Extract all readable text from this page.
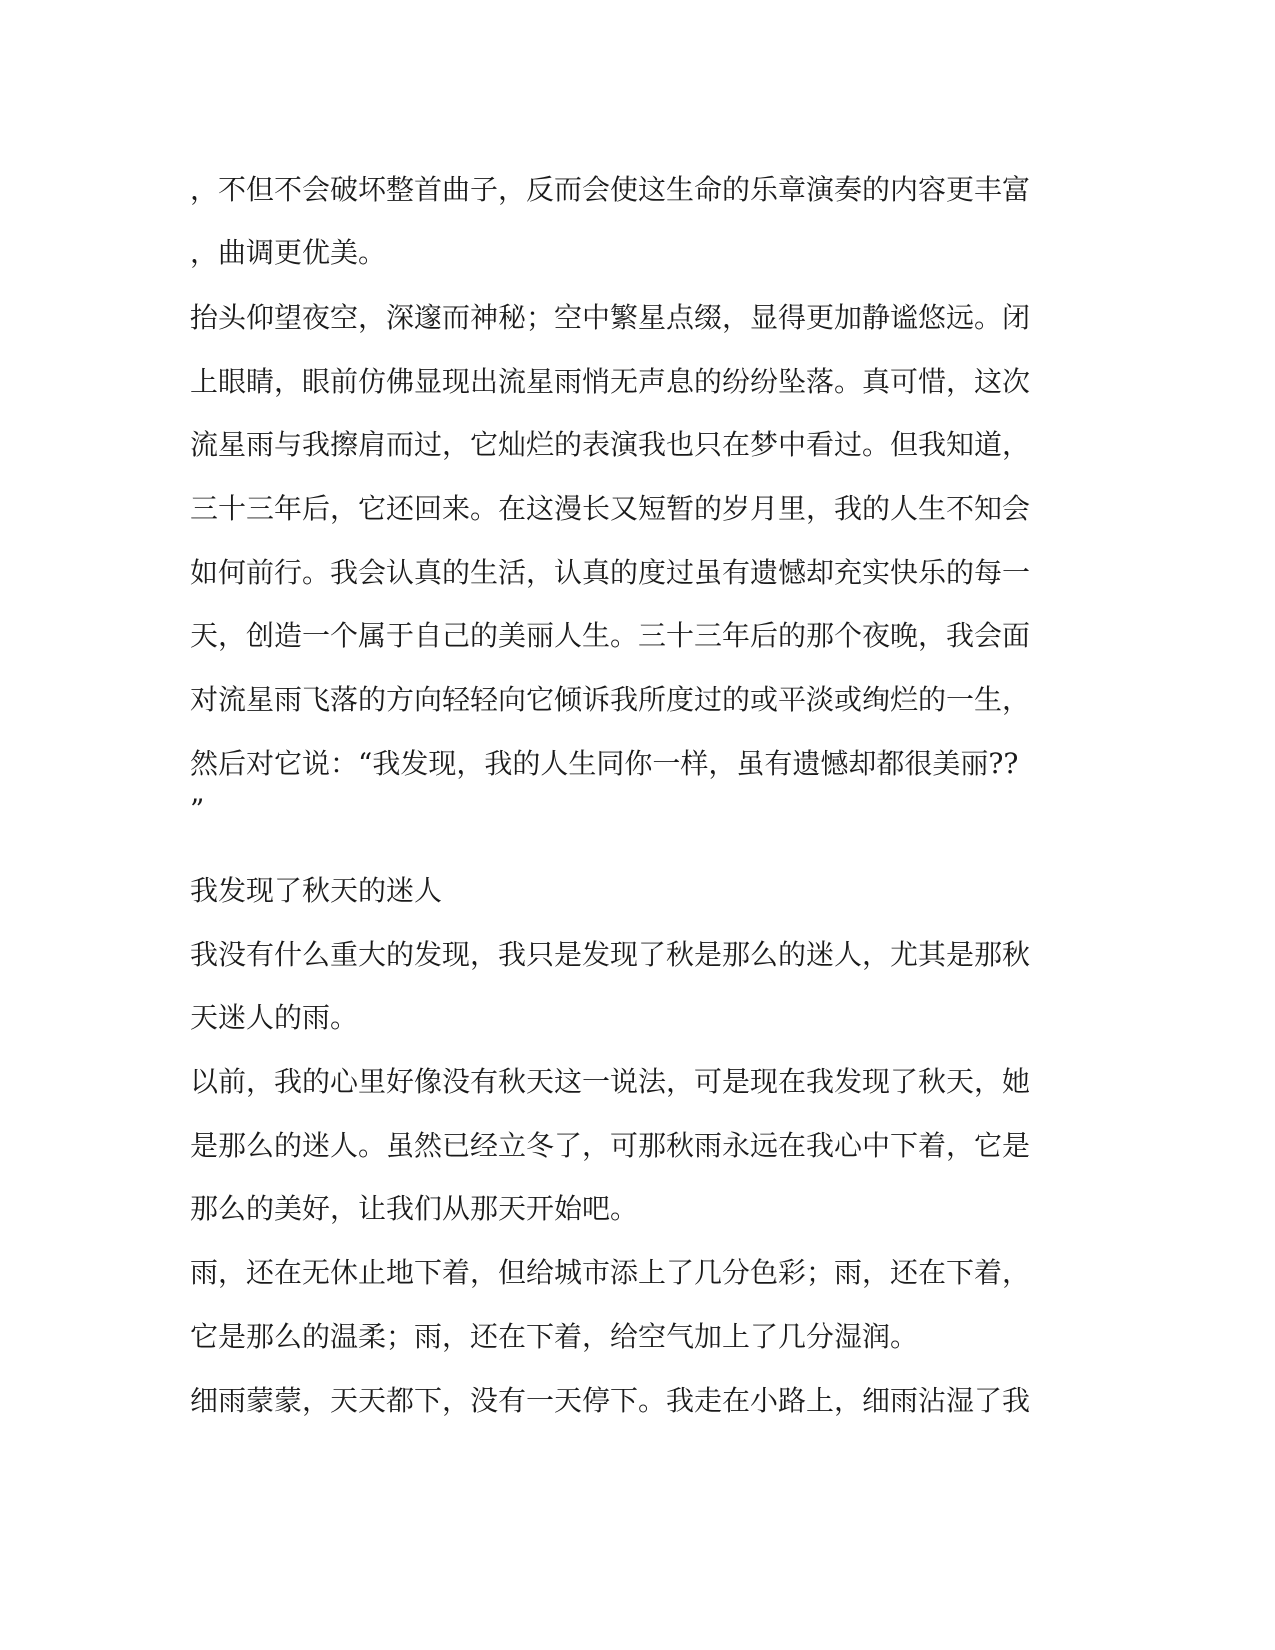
，不但不会破坏整首曲子，反而会使这生命的乐章演奏的内容更丰富
，曲调更优美。
抬头仰望夜空，深邃而神秘；空中繁星点缀，显得更加静谧悠远。闭
上眼睛，眼前仿佛显现出流星雨悄无声息的纷纷坠落。真可惜，这次
流星雨与我擦肩而过，它灿烂的表演我也只在梦中看过。但我知道，
三十三年后，它还回来。在这漫长又短暂的岁月里，我的人生不知会
如何前行。我会认真的生活，认真的度过虽有遗憾却充实快乐的每一
天，创造一个属于自己的美丽人生。三十三年后的那个夜晚，我会面
对流星雨飞落的方向轻轻向它倾诉我所度过的或平淡或绚烂的一生，
然后对它说：“我发现，我的人生同你一样，虽有遗憾却都很美丽??
”
我发现了秋天的迷人
我没有什么重大的发现，我只是发现了秋是那么的迷人，尤其是那秋
天迷人的雨。
以前，我的心里好像没有秋天这一说法，可是现在我发现了秋天，她
是那么的迷人。虽然已经立冬了，可那秋雨永远在我心中下着，它是
那么的美好，让我们从那天开始吧。
雨，还在无休止地下着，但给城市添上了几分色彩；雨，还在下着，
它是那么的温柔；雨，还在下着，给空气加上了几分湿润。
细雨蒙蒙，天天都下，没有一天停下。我走在小路上，细雨沾湿了我
